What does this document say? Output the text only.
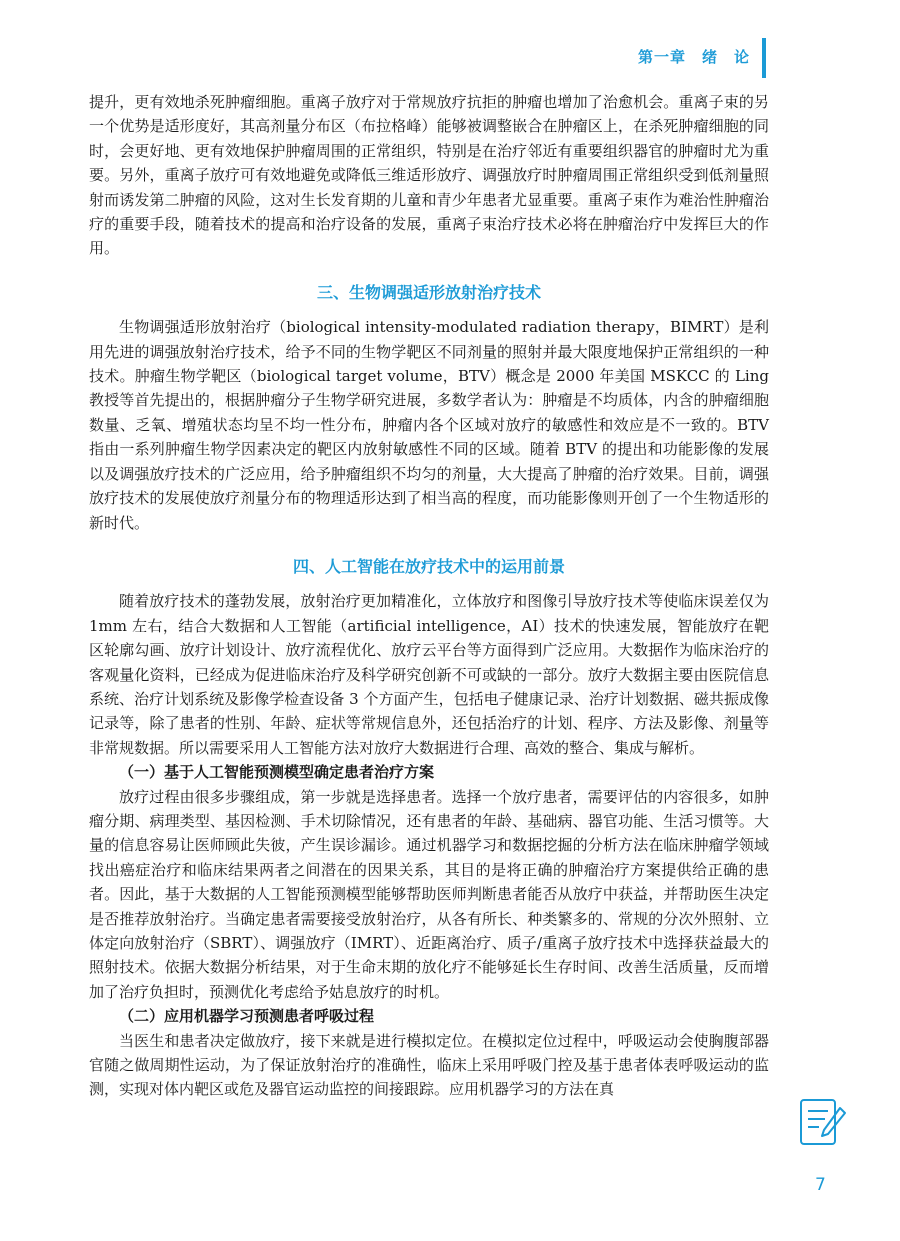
第一章　绪　论

提升，更有效地杀死肿瘤细胞。重离子放疗对于常规放疗抗拒的肿瘤也增加了治愈机会。重离子束的另一个优势是适形度好，其高剂量分布区（布拉格峰）能够被调整嵌合在肿瘤区上，在杀死肿瘤细胞的同时，会更好地、更有效地保护肿瘤周围的正常组织，特别是在治疗邻近有重要组织器官的肿瘤时尤为重要。另外，重离子放疗可有效地避免或降低三维适形放疗、调强放疗时肿瘤周围正常组织受到低剂量照射而诱发第二肿瘤的风险，这对生长发育期的儿童和青少年患者尤显重要。重离子束作为难治性肿瘤治疗的重要手段，随着技术的提高和治疗设备的发展，重离子束治疗技术必将在肿瘤治疗中发挥巨大的作用。

三、生物调强适形放射治疗技术

生物调强适形放射治疗（biological intensity-modulated radiation therapy，BIMRT）是利用先进的调强放射治疗技术，给予不同的生物学靶区不同剂量的照射并最大限度地保护正常组织的一种技术。肿瘤生物学靶区（biological target volume，BTV）概念是 2000 年美国 MSKCC 的 Ling 教授等首先提出的，根据肿瘤分子生物学研究进展，多数学者认为：肿瘤是不均质体，内含的肿瘤细胞数量、乏氧、增殖状态均呈不均一性分布，肿瘤内各个区域对放疗的敏感性和效应是不一致的。BTV 指由一系列肿瘤生物学因素决定的靶区内放射敏感性不同的区域。随着 BTV 的提出和功能影像的发展以及调强放疗技术的广泛应用，给予肿瘤组织不均匀的剂量，大大提高了肿瘤的治疗效果。目前，调强放疗技术的发展使放疗剂量分布的物理适形达到了相当高的程度，而功能影像则开创了一个生物适形的新时代。

四、人工智能在放疗技术中的运用前景

随着放疗技术的蓬勃发展，放射治疗更加精准化，立体放疗和图像引导放疗技术等使临床误差仅为 1mm 左右，结合大数据和人工智能（artificial intelligence，AI）技术的快速发展，智能放疗在靶区轮廓勾画、放疗计划设计、放疗流程优化、放疗云平台等方面得到广泛应用。大数据作为临床治疗的客观量化资料，已经成为促进临床治疗及科学研究创新不可或缺的一部分。放疗大数据主要由医院信息系统、治疗计划系统及影像学检查设备 3 个方面产生，包括电子健康记录、治疗计划数据、磁共振成像记录等，除了患者的性别、年龄、症状等常规信息外，还包括治疗的计划、程序、方法及影像、剂量等非常规数据。所以需要采用人工智能方法对放疗大数据进行合理、高效的整合、集成与解析。

（一）基于人工智能预测模型确定患者治疗方案

放疗过程由很多步骤组成，第一步就是选择患者。选择一个放疗患者，需要评估的内容很多，如肿瘤分期、病理类型、基因检测、手术切除情况，还有患者的年龄、基础病、器官功能、生活习惯等。大量的信息容易让医师顾此失彼，产生误诊漏诊。通过机器学习和数据挖掘的分析方法在临床肿瘤学领域找出癌症治疗和临床结果两者之间潜在的因果关系，其目的是将正确的肿瘤治疗方案提供给正确的患者。因此，基于大数据的人工智能预测模型能够帮助医师判断患者能否从放疗中获益，并帮助医生决定是否推荐放射治疗。当确定患者需要接受放射治疗，从各有所长、种类繁多的、常规的分次外照射、立体定向放射治疗（SBRT）、调强放疗（IMRT）、近距离治疗、质子/重离子放疗技术中选择获益最大的照射技术。依据大数据分析结果，对于生命末期的放化疗不能够延长生存时间、改善生活质量，反而增加了治疗负担时，预测优化考虑给予姑息放疗的时机。

（二）应用机器学习预测患者呼吸过程

当医生和患者决定做放疗，接下来就是进行模拟定位。在模拟定位过程中，呼吸运动会使胸腹部器官随之做周期性运动，为了保证放射治疗的准确性，临床上采用呼吸门控及基于患者体表呼吸运动的监测，实现对体内靶区或危及器官运动监控的间接跟踪。应用机器学习的方法在真

7
